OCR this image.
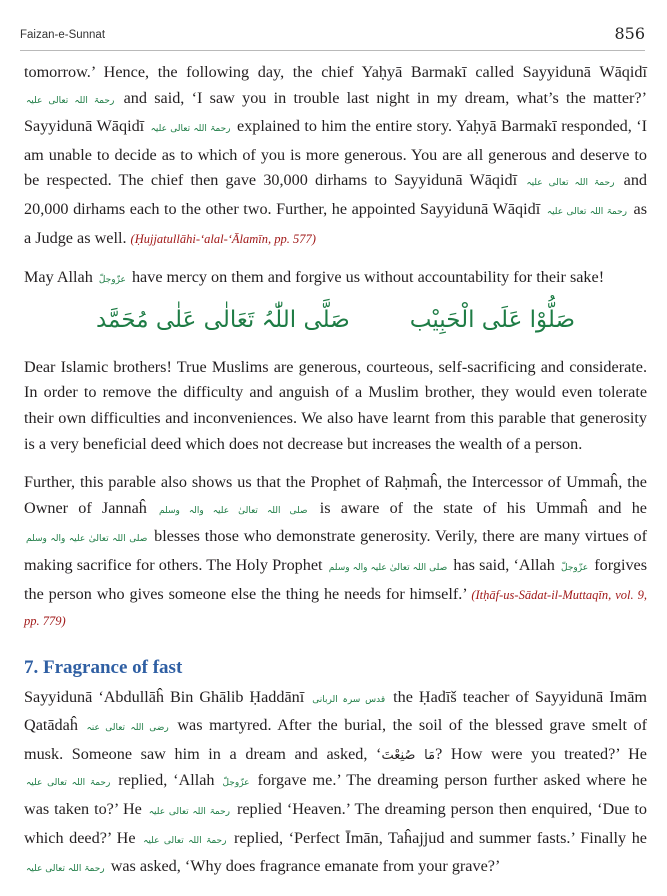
Faizan-e-Sunnat	856

tomorrow.’ Hence, the following day, the chief Yaḥyā Barmakī called Sayyidunā Wāqidī رحمۃ اللہ تعالی علیہ and said, ‘I saw you in trouble last night in my dream, what’s the matter?’ Sayyidunā Wāqidī رحمۃ اللہ تعالی علیہ explained to him the entire story. Yaḥyā Barmakī responded, ‘I am unable to decide as to which of you is more generous. You are all generous and deserve to be respected. The chief then gave 30,000 dirhams to Sayyidunā Wāqidī رحمۃ اللہ تعالی علیہ and 20,000 dirhams each to the other two. Further, he appointed Sayyidunā Wāqidī رحمۃ اللہ تعالی علیہ as a Judge as well. (Ḥujjatullāhi-‘alal-‘Ālamīn, pp. 577)

May Allah عزّوجلّ have mercy on them and forgive us without accountability for their sake!

صَلُّوْا عَلَی الْحَبِیْب
صَلَّی اللّٰہُ تَعَالٰی عَلٰی مُحَمَّد

Dear Islamic brothers! True Muslims are generous, courteous, self-sacrificing and considerate. In order to remove the difficulty and anguish of a Muslim brother, they would even tolerate their own difficulties and inconveniences. We also have learnt from this parable that generosity is a very beneficial deed which does not decrease but increases the wealth of a person.

Further, this parable also shows us that the Prophet of Raḥmaĥ, the Intercessor of Ummaĥ, the Owner of Jannaĥ صلی اللہ تعالیٰ علیہ والہ وسلم is aware of the state of his Ummaĥ and he صلی اللہ تعالیٰ علیہ والہ وسلم blesses those who demonstrate generosity. Verily, there are many virtues of making sacrifice for others. The Holy Prophet صلی اللہ تعالیٰ علیہ والہ وسلم has said, ‘Allah عزّوجلّ forgives the person who gives someone else the thing he needs for himself.’ (Itḥāf-us-Sādat-il-Muttaqīn, vol. 9, pp. 779)

7. Fragrance of fast

Sayyidunā ‘Abdullāĥ Bin Ghālib Ḥaddānī قدس سرہ الربانی the Ḥadīš teacher of Sayyidunā Imām Qatādaĥ رضی اللہ تعالی عنہ was martyred. After the burial, the soil of the blessed grave smelt of musk. Someone saw him in a dream and asked, ‘مَا صُنِعْتَ? How were you treated?’ He رحمۃ اللہ تعالی علیہ replied, ‘Allah عزّوجلّ forgave me.’ The dreaming person further asked where he was taken to?’ He رحمۃ اللہ تعالی علیہ replied ‘Heaven.’ The dreaming person then enquired, ‘Due to which deed?’ He رحمۃ اللہ تعالی علیہ replied, ‘Perfect Īmān, Taĥajjud and summer fasts.’ Finally he رحمۃ اللہ تعالی علیہ was asked, ‘Why does fragrance emanate from your grave?’
